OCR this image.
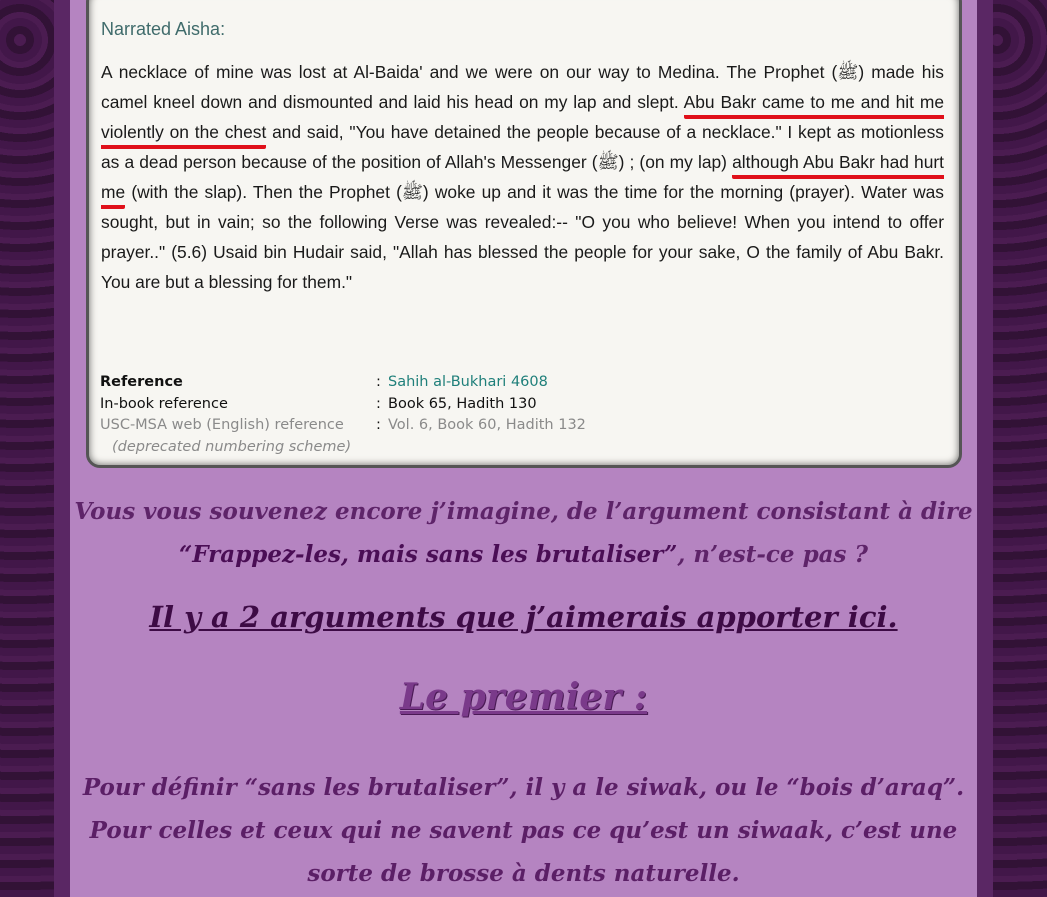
Narrated Aisha:

A necklace of mine was lost at Al-Baida' and we were on our way to Medina. The Prophet (ﷺ) made his camel kneel down and dismounted and laid his head on my lap and slept. Abu Bakr came to me and hit me violently on the chest and said, "You have detained the people because of a necklace." I kept as motionless as a dead person because of the position of Allah's Messenger (ﷺ) ; (on my lap) although Abu Bakr had hurt me (with the slap). Then the Prophet (ﷺ) woke up and it was the time for the morning (prayer). Water was sought, but in vain; so the following Verse was revealed:-- "O you who believe! When you intend to offer prayer.." (5.6) Usaid bin Hudair said, "Allah has blessed the people for your sake, O the family of Abu Bakr. You are but a blessing for them."

Reference	:	Sahih al-Bukhari 4608
In-book reference	:	Book 65, Hadith 130
USC-MSA web (English) reference	:	Vol. 6, Book 60, Hadith 132
(deprecated numbering scheme)		

Vous vous souvenez encore j’imagine, de l’argument consistant à dire
“Frappez-les, mais sans les brutaliser”, n’est-ce pas ?

Il y a 2 arguments que j’aimerais apporter ici.

Le premier :

Pour définir “sans les brutaliser”, il y a le siwak, ou le “bois d’araq”.
Pour celles et ceux qui ne savent pas ce qu’est un siwaak, c’est une
sorte de brosse à dents naturelle.
